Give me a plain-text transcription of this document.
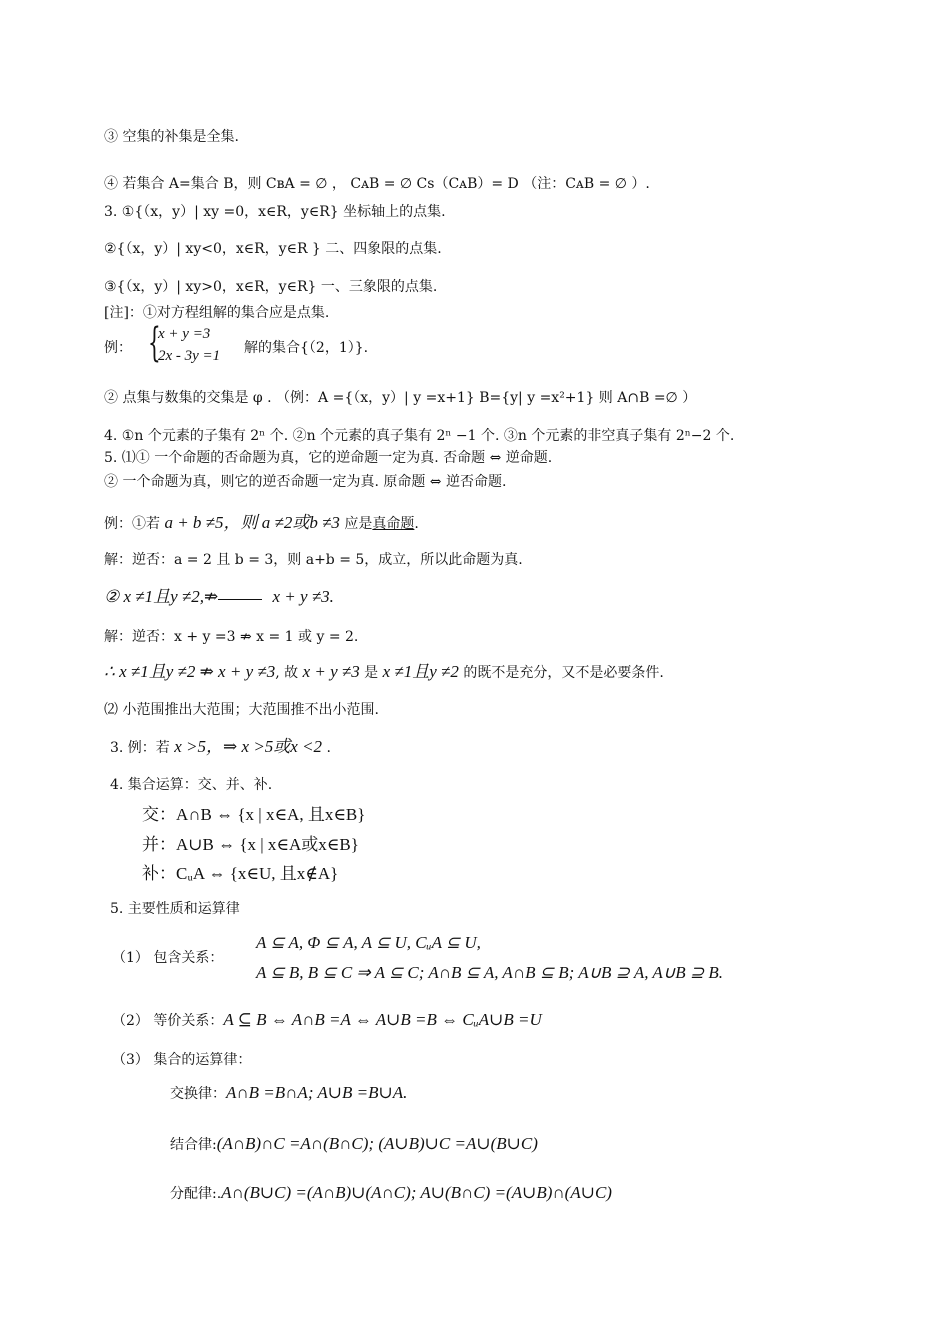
③ 空集的补集是全集.
④ 若集合 A=集合 B，则 CʙA = ∅ ， CᴀB = ∅ Cs（CᴀB）= D （注：CᴀB = ∅ ）.
3. ①{（x，y）| xy =0，x∈R，y∈R} 坐标轴上的点集.
②{（x，y）| xy<0，x∈R，y∈R } 二、四象限的点集.
③{（x，y）| xy>0，x∈R，y∈R} 一、三象限的点集.
[注]：①对方程组解的集合应是点集.
例： {
x + y =3
2x - 3y =1 解的集合{（2，1）}.
② 点集与数集的交集是 φ . （例：A ={（x，y）| y =x+1} B={y| y =x²+1} 则 A∩B =∅ ）
4. ①n 个元素的子集有 2ⁿ 个. ②n 个元素的真子集有 2ⁿ −1 个. ③n 个元素的非空真子集有 2ⁿ−2 个.
5. ⑴① 一个命题的否命题为真，它的逆命题一定为真. 否命题 ⇔ 逆命题.
② 一个命题为真，则它的逆否命题一定为真. 原命题 ⇔ 逆否命题.
例：①若 a + b ≠5，则 a ≠2或b ≠3 应是真命题.
解：逆否：a = 2 且 b = 3，则 a+b = 5，成立，所以此命题为真.
② x ≠1且y ≠2,⇏	x + y ≠3.
解：逆否：x + y =3 ⇏ x = 1 或 y = 2.
∴ x ≠1且y ≠2 ⇏ x + y ≠3, 故 x + y ≠3 是 x ≠1且y ≠2 的既不是充分，又不是必要条件.
⑵ 小范围推出大范围；大范围推不出小范围.
3. 例：若 x >5，⇒ x >5或x <2 .
4. 集合运算：交、并、补.
交：A∩B ⇔ {x | x∈A, 且x∈B}
并：A∪B ⇔ {x | x∈A或x∈B}
补：CᵤA ⇔ {x∈U, 且x∉A}
5. 主要性质和运算律
（1） 包含关系：
A ⊆ A, Φ ⊆ A, A ⊆ U, CᵤA ⊆ U,
A ⊆ B, B ⊆ C ⇒ A ⊆ C; A∩B ⊆ A, A∩B ⊆ B; A∪B ⊇ A, A∪B ⊇ B.
（2） 等价关系：A ⊆ B ⇔ A∩B =A ⇔ A∪B =B ⇔ CᵤA∪B =U
（3） 集合的运算律：
交换律：A∩B =B∩A; A∪B =B∪A.
结合律:(A∩B)∩C =A∩(B∩C); (A∪B)∪C =A∪(B∪C)
分配律:.A∩(B∪C) =(A∩B)∪(A∩C); A∪(B∩C) =(A∪B)∩(A∪C)
